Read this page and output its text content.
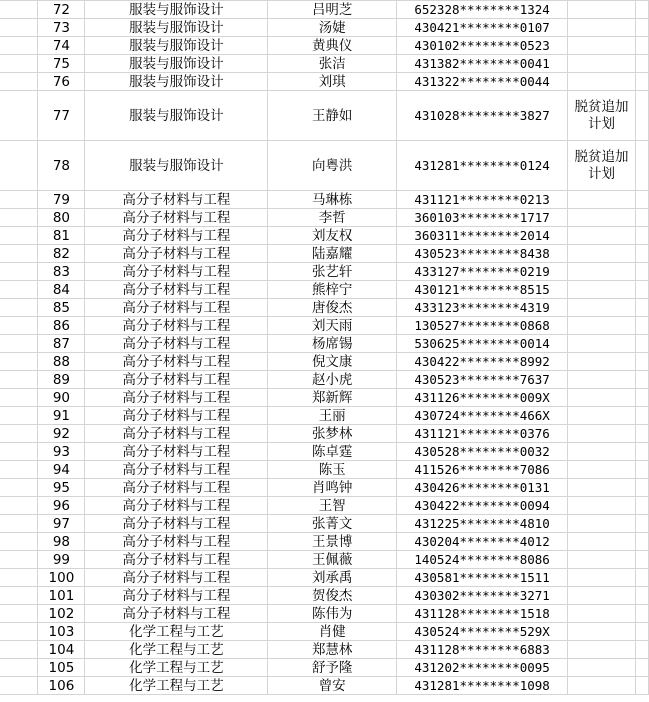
	72	服装与服饰设计	吕明芝	652328********1324		
	73	服装与服饰设计	汤婕	430421********0107		
	74	服装与服饰设计	黄典仪	430102********0523		
	75	服装与服饰设计	张洁	431382********0041		
	76	服装与服饰设计	刘琪	431322********0044		
	77	服装与服饰设计	王静如	431028********3827	脱贫追加计划	
	78	服装与服饰设计	向粤洪	431281********0124	脱贫追加计划	
	79	高分子材料与工程	马琳栋	431121********0213		
	80	高分子材料与工程	李哲	360103********1717		
	81	高分子材料与工程	刘友权	360311********2014		
	82	高分子材料与工程	陆嘉耀	430523********8438		
	83	高分子材料与工程	张艺轩	433127********0219		
	84	高分子材料与工程	熊梓宁	430121********8515		
	85	高分子材料与工程	唐俊杰	433123********4319		
	86	高分子材料与工程	刘天雨	130527********0868		
	87	高分子材料与工程	杨席锡	530625********0014		
	88	高分子材料与工程	倪文康	430422********8992		
	89	高分子材料与工程	赵小虎	430523********7637		
	90	高分子材料与工程	郑新辉	431126********009X		
	91	高分子材料与工程	王丽	430724********466X		
	92	高分子材料与工程	张梦林	431121********0376		
	93	高分子材料与工程	陈卓霆	430528********0032		
	94	高分子材料与工程	陈玉	411526********7086		
	95	高分子材料与工程	肖鸣钟	430426********0131		
	96	高分子材料与工程	王智	430422********0094		
	97	高分子材料与工程	张菁文	431225********4810		
	98	高分子材料与工程	王景博	430204********4012		
	99	高分子材料与工程	王佩薇	140524********8086		
	100	高分子材料与工程	刘承禹	430581********1511		
	101	高分子材料与工程	贺俊杰	430302********3271		
	102	高分子材料与工程	陈伟为	431128********1518		
	103	化学工程与工艺	肖健	430524********529X		
	104	化学工程与工艺	郑慧林	431128********6883		
	105	化学工程与工艺	舒予隆	431202********0095		
	106	化学工程与工艺	曾安	431281********1098		
